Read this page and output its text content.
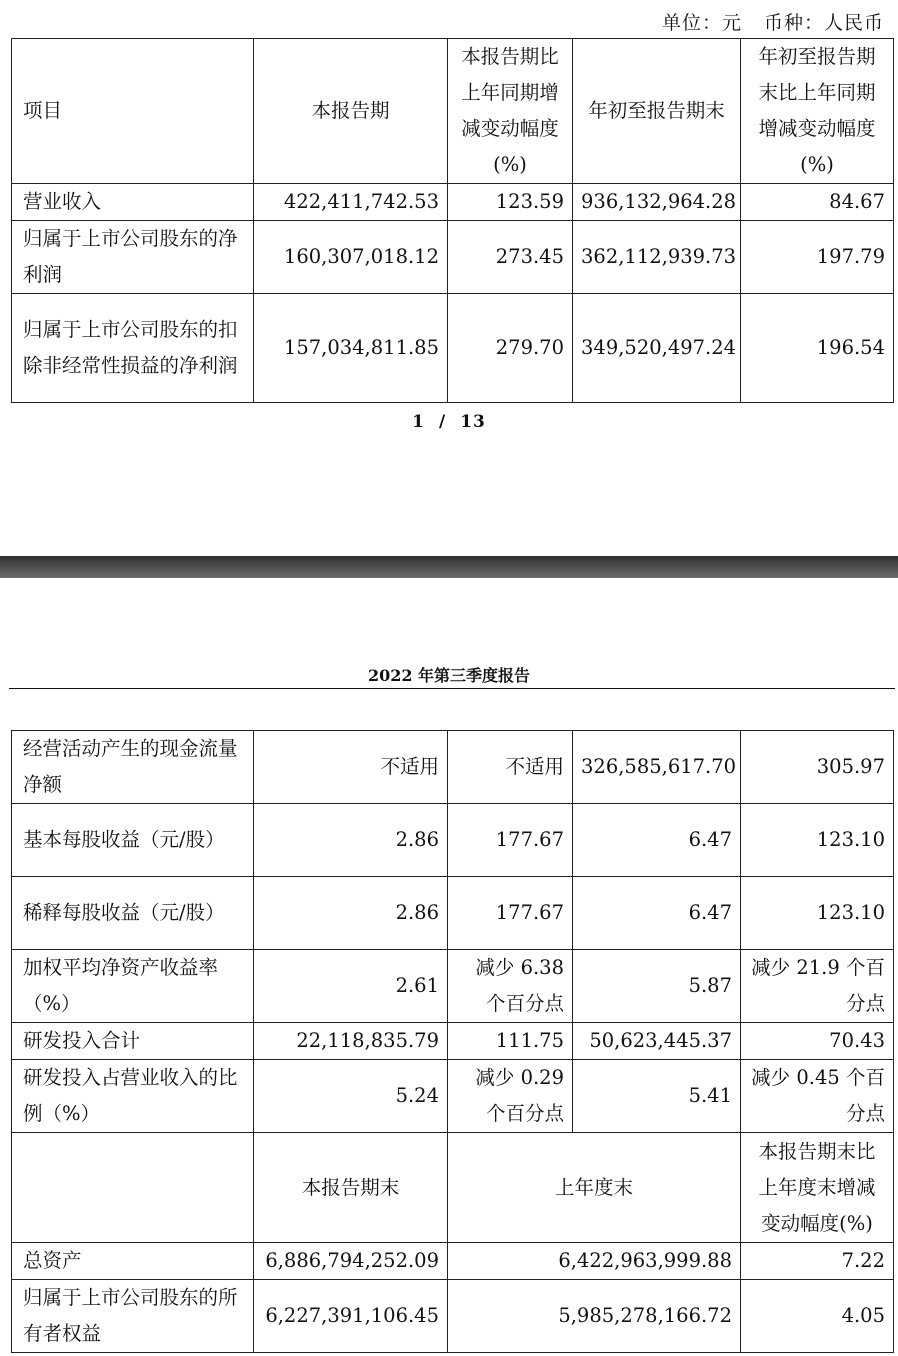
单位：元 币种：人民币
项目	本报告期	本报告期比上年同期增减变动幅度(%)	年初至报告期末	年初至报告期末比上年同期增减变动幅度(%)
营业收入	422,411,742.53	123.59	936,132,964.28	84.67
归属于上市公司股东的净利润	160,307,018.12	273.45	362,112,939.73	197.79
归属于上市公司股东的扣除非经常性损益的净利润	157,034,811.85	279.70	349,520,497.24	196.54
1 / 13
2022 年第三季度报告
经营活动产生的现金流量净额	不适用	不适用	326,585,617.70	305.97
基本每股收益（元/股）	2.86	177.67	6.47	123.10
稀释每股收益（元/股）	2.86	177.67	6.47	123.10
加权平均净资产收益率（%）	2.61	减少 6.38 个百分点	5.87	减少 21.9 个百分点
研发投入合计	22,118,835.79	111.75	50,623,445.37	70.43
研发投入占营业收入的比例（%）	5.24	减少 0.29 个百分点	5.41	减少 0.45 个百分点
	本报告期末	上年度末		本报告期末比上年度末增减变动幅度(%)
总资产	6,886,794,252.09	6,422,963,999.88		7.22
归属于上市公司股东的所有者权益	6,227,391,106.45	5,985,278,166.72		4.05
